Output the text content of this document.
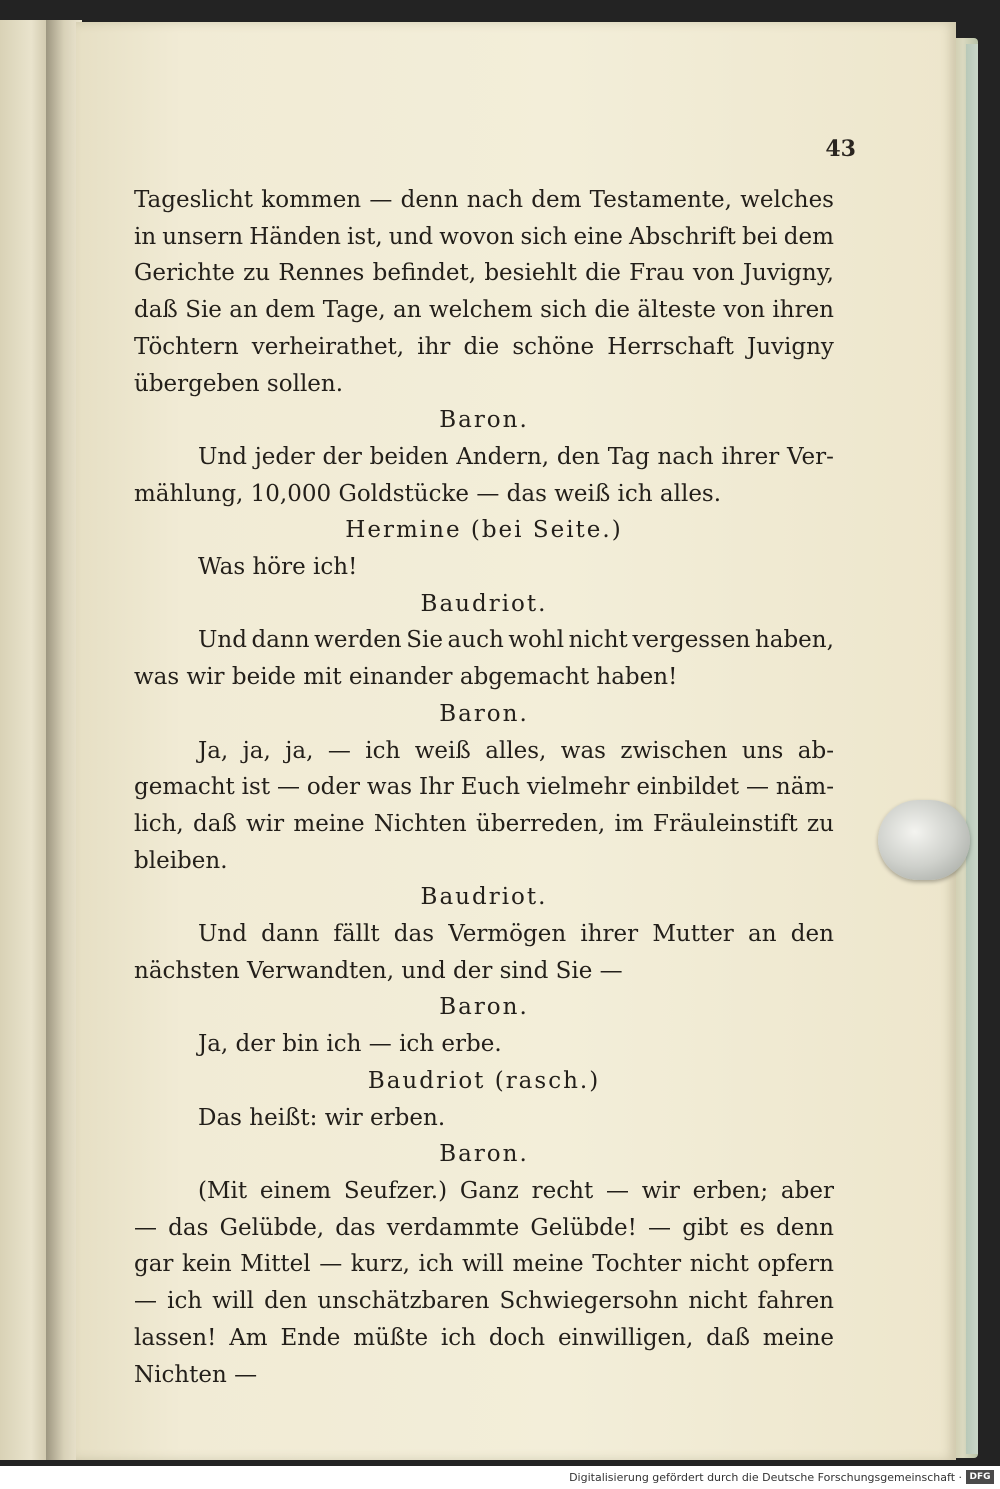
43
Tageslicht kommen — denn nach dem Testamente, welches
in unsern Händen ist, und wovon sich eine Abschrift bei dem
Gerichte zu Rennes befindet, besiehlt die Frau von Juvigny,
daß Sie an dem Tage, an welchem sich die älteste von ihren
Töchtern verheirathet, ihr die schöne Herrschaft Juvigny
übergeben sollen.
Baron.
Und jeder der beiden Andern, den Tag nach ihrer Ver-
mählung, 10,000 Goldstücke — das weiß ich alles.
Hermine (bei Seite.)
Was höre ich!
Baudriot.
Und dann werden Sie auch wohl nicht vergessen haben,
was wir beide mit einander abgemacht haben!
Baron.
Ja, ja, ja, — ich weiß alles, was zwischen uns ab-
gemacht ist — oder was Ihr Euch vielmehr einbildet — näm-
lich, daß wir meine Nichten überreden, im Fräuleinstift zu
bleiben.
Baudriot.
Und dann fällt das Vermögen ihrer Mutter an den
nächsten Verwandten, und der sind Sie —
Baron.
Ja, der bin ich — ich erbe.
Baudriot (rasch.)
Das heißt: wir erben.
Baron.
(Mit einem Seufzer.) Ganz recht — wir erben; aber
— das Gelübde, das verdammte Gelübde! — gibt es denn
gar kein Mittel — kurz, ich will meine Tochter nicht opfern
— ich will den unschätzbaren Schwiegersohn nicht fahren
lassen! Am Ende müßte ich doch einwilligen, daß meine
Nichten —
Digitalisierung gefördert durch die Deutsche Forschungsgemeinschaft · DFG
